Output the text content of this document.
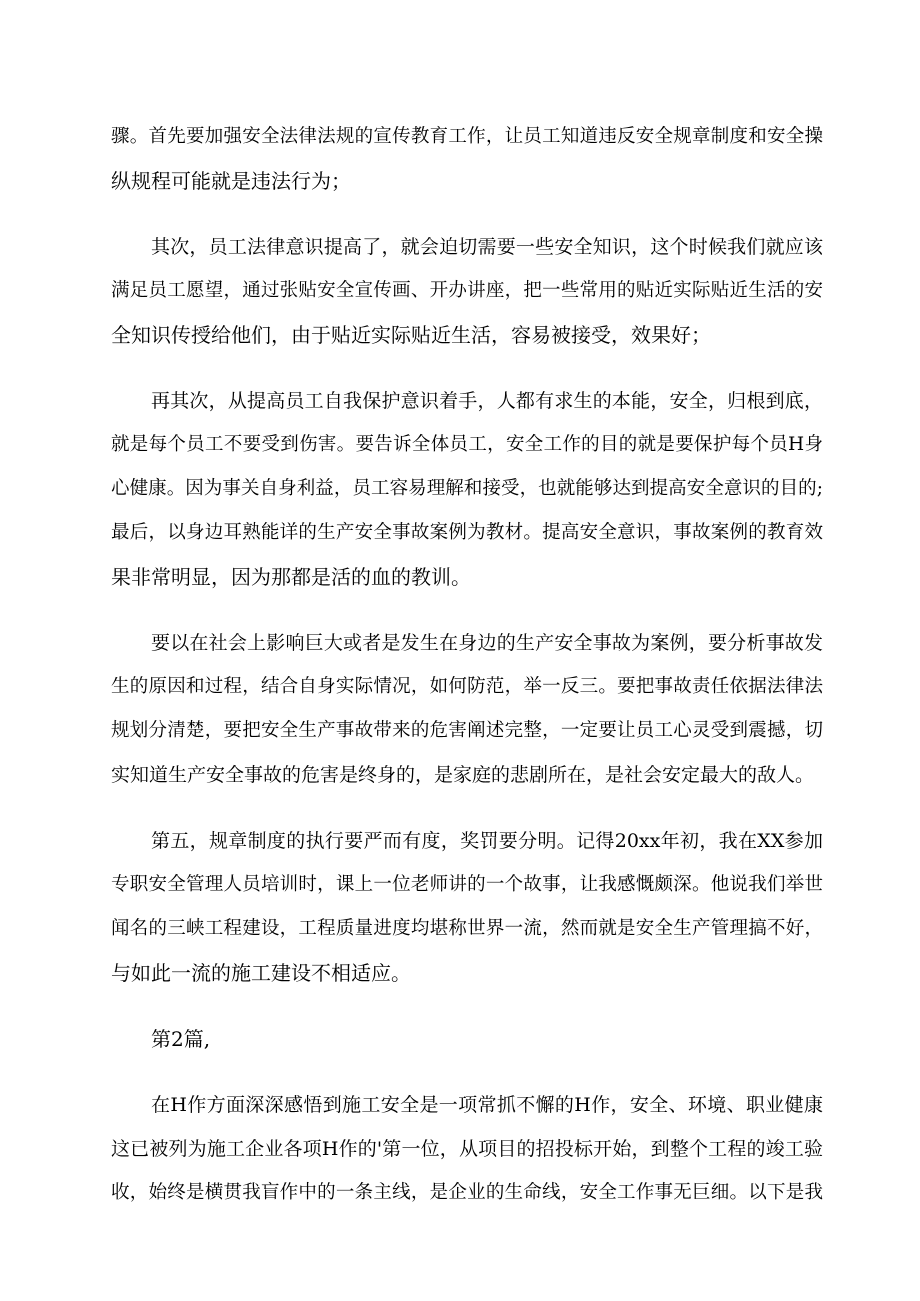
骤。首先要加强安全法律法规的宣传教育工作，让员工知道违反安全规章制度和安全操
纵规程可能就是违法行为；
其次，员工法律意识提高了，就会迫切需要一些安全知识，这个时候我们就应该
满足员工愿望，通过张贴安全宣传画、开办讲座，把一些常用的贴近实际贴近生活的安
全知识传授给他们，由于贴近实际贴近生活，容易被接受，效果好；
再其次，从提高员工自我保护意识着手，人都有求生的本能，安全，归根到底，
就是每个员工不要受到伤害。要告诉全体员工，安全工作的目的就是要保护每个员H身
心健康。因为事关自身利益，员工容易理解和接受，也就能够达到提高安全意识的目的;
最后，以身边耳熟能详的生产安全事故案例为教材。提高安全意识，事故案例的教育效
果非常明显，因为那都是活的血的教训。
要以在社会上影响巨大或者是发生在身边的生产安全事故为案例，要分析事故发
生的原因和过程，结合自身实际情况，如何防范，举一反三。要把事故责任依据法律法
规划分清楚，要把安全生产事故带来的危害阐述完整，一定要让员工心灵受到震撼，切
实知道生产安全事故的危害是终身的，是家庭的悲剧所在，是社会安定最大的敌人。
第五，规章制度的执行要严而有度，奖罚要分明。记得20xx年初，我在XX参加
专职安全管理人员培训时，课上一位老师讲的一个故事，让我感慨颇深。他说我们举世
闻名的三峡工程建设，工程质量进度均堪称世界一流，然而就是安全生产管理搞不好，
与如此一流的施工建设不相适应。
第2篇,
在H作方面深深感悟到施工安全是一项常抓不懈的H作，安全、环境、职业健康
这已被列为施工企业各项H作的'第一位，从项目的招投标开始，到整个工程的竣工验
收，始终是横贯我盲作中的一条主线，是企业的生命线，安全工作事无巨细。以下是我
